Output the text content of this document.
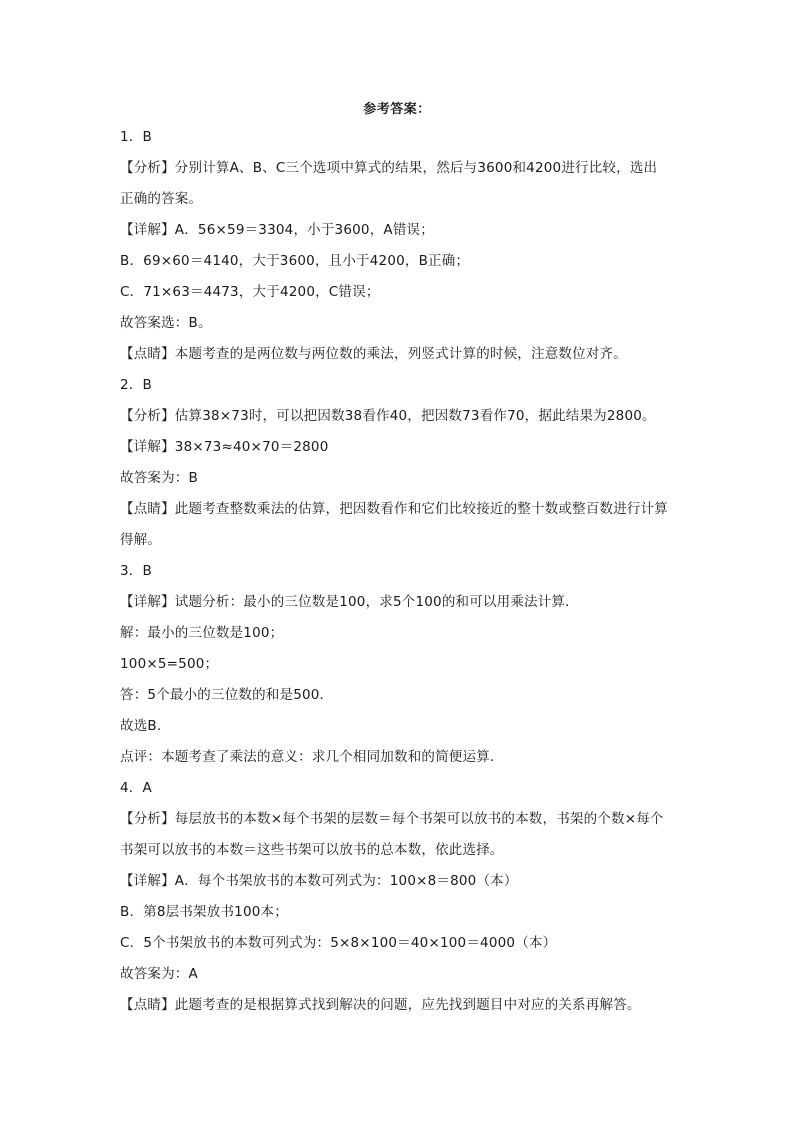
参考答案：
1．B
【分析】分别计算A、B、C三个选项中算式的结果，然后与3600和4200进行比较，选出
正确的答案。
【详解】A．56×59＝3304，小于3600，A错误；
B．69×60＝4140，大于3600，且小于4200，B正确；
C．71×63＝4473，大于4200，C错误；
故答案选：B。
【点睛】本题考查的是两位数与两位数的乘法，列竖式计算的时候，注意数位对齐。
2．B
【分析】估算38×73时，可以把因数38看作40，把因数73看作70，据此结果为2800。
【详解】38×73≈40×70＝2800
故答案为：B
【点睛】此题考查整数乘法的估算，把因数看作和它们比较接近的整十数或整百数进行计算
得解。
3．B
【详解】试题分析：最小的三位数是100，求5个100的和可以用乘法计算．
解：最小的三位数是100；
100×5=500；
答：5个最小的三位数的和是500．
故选B．
点评：本题考查了乘法的意义：求几个相同加数和的简便运算．
4．A
【分析】每层放书的本数×每个书架的层数＝每个书架可以放书的本数，书架的个数×每个
书架可以放书的本数＝这些书架可以放书的总本数，依此选择。
【详解】A．每个书架放书的本数可列式为：100×8＝800（本）
B．第8层书架放书100本；
C．5个书架放书的本数可列式为：5×8×100＝40×100＝4000（本）
故答案为：A
【点睛】此题考查的是根据算式找到解决的问题，应先找到题目中对应的关系再解答。
